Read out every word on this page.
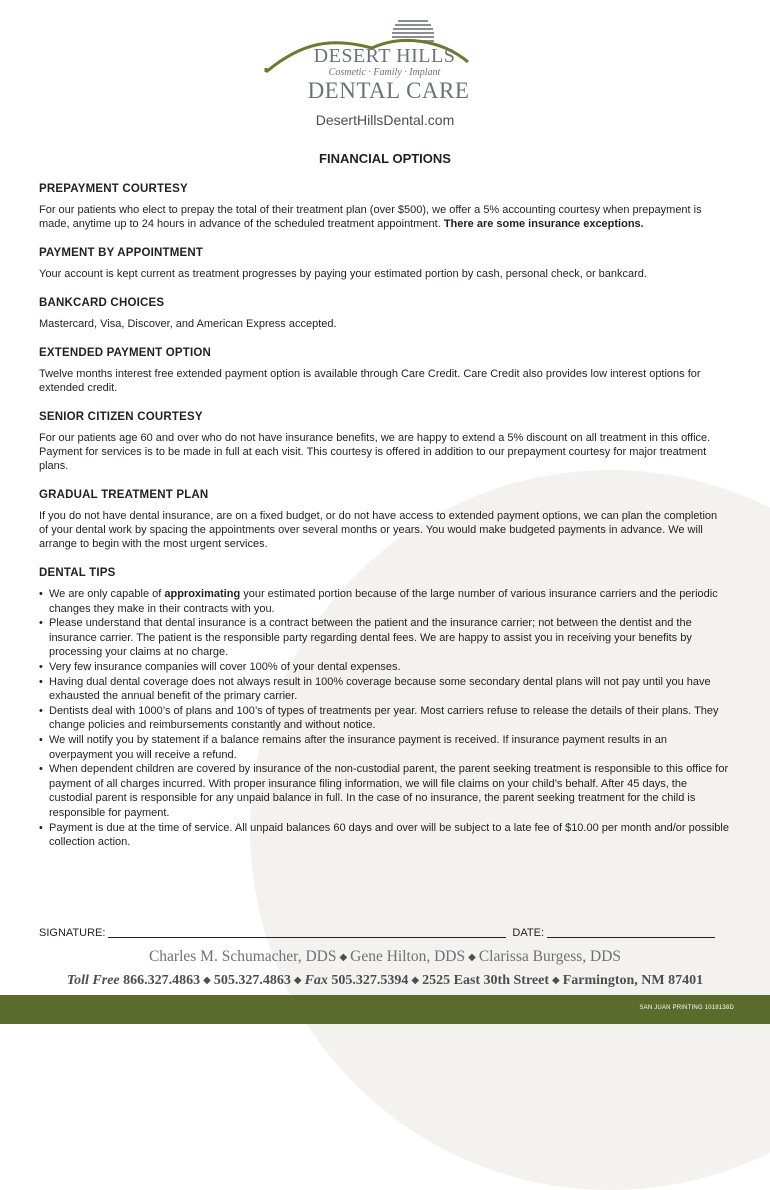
DESERT HILLS
Cosmetic · Family · Implant
DENTAL CARE
DesertHillsDental.com
FINANCIAL OPTIONS
PREPAYMENT COURTESY

For our patients who elect to prepay the total of their treatment plan (over $500), we offer a 5% accounting courtesy when prepayment is made, anytime up to 24 hours in advance of the scheduled treatment appointment. There are some insurance exceptions.

PAYMENT BY APPOINTMENT

Your account is kept current as treatment progresses by paying your estimated portion by cash, personal check, or bankcard.

BANKCARD CHOICES

Mastercard, Visa, Discover, and American Express accepted.

EXTENDED PAYMENT OPTION

Twelve months interest free extended payment option is available through Care Credit. Care Credit also provides low interest options for extended credit.

SENIOR CITIZEN COURTESY

For our patients age 60 and over who do not have insurance benefits, we are happy to extend a 5% discount on all treatment in this office. Payment for services is to be made in full at each visit. This courtesy is offered in addition to our prepayment courtesy for major treatment plans.

GRADUAL TREATMENT PLAN

If you do not have dental insurance, are on a fixed budget, or do not have access to extended payment options, we can plan the completion of your dental work by spacing the appointments over several months or years. You would make budgeted payments in advance. We will arrange to begin with the most urgent services.

DENTAL TIPS
• We are only capable of approximating your estimated portion because of the large number of various insurance carriers and the periodic changes they make in their contracts with you.
• Please understand that dental insurance is a contract between the patient and the insurance carrier; not between the dentist and the insurance carrier. The patient is the responsible party regarding dental fees. We are happy to assist you in receiving your benefits by processing your claims at no charge.
• Very few insurance companies will cover 100% of your dental expenses.
• Having dual dental coverage does not always result in 100% coverage because some secondary dental plans will not pay until you have exhausted the annual benefit of the primary carrier.
• Dentists deal with 1000’s of plans and 100’s of types of treatments per year. Most carriers refuse to release the details of their plans. They change policies and reimbursements constantly and without notice.
• We will notify you by statement if a balance remains after the insurance payment is received. If insurance payment results in an overpayment you will receive a refund.
• When dependent children are covered by insurance of the non-custodial parent, the parent seeking treatment is responsible to this office for payment of all charges incurred. With proper insurance filing information, we will file claims on your child’s behalf. After 45 days, the custodial parent is responsible for any unpaid balance in full. In the case of no insurance, the parent seeking treatment for the child is responsible for payment.
• Payment is due at the time of service. All unpaid balances 60 days and over will be subject to a late fee of $10.00 per month and/or possible collection action.
SIGNATURE:	DATE:
Charles M. Schumacher, DDS ◆ Gene Hilton, DDS ◆ Clarissa Burgess, DDS
Toll Free 866.327.4863 ◆ 505.327.4863 ◆ Fax 505.327.5394 ◆ 2525 East 30th Street ◆ Farmington, NM 87401
SAN JUAN PRINTING 1018138D
